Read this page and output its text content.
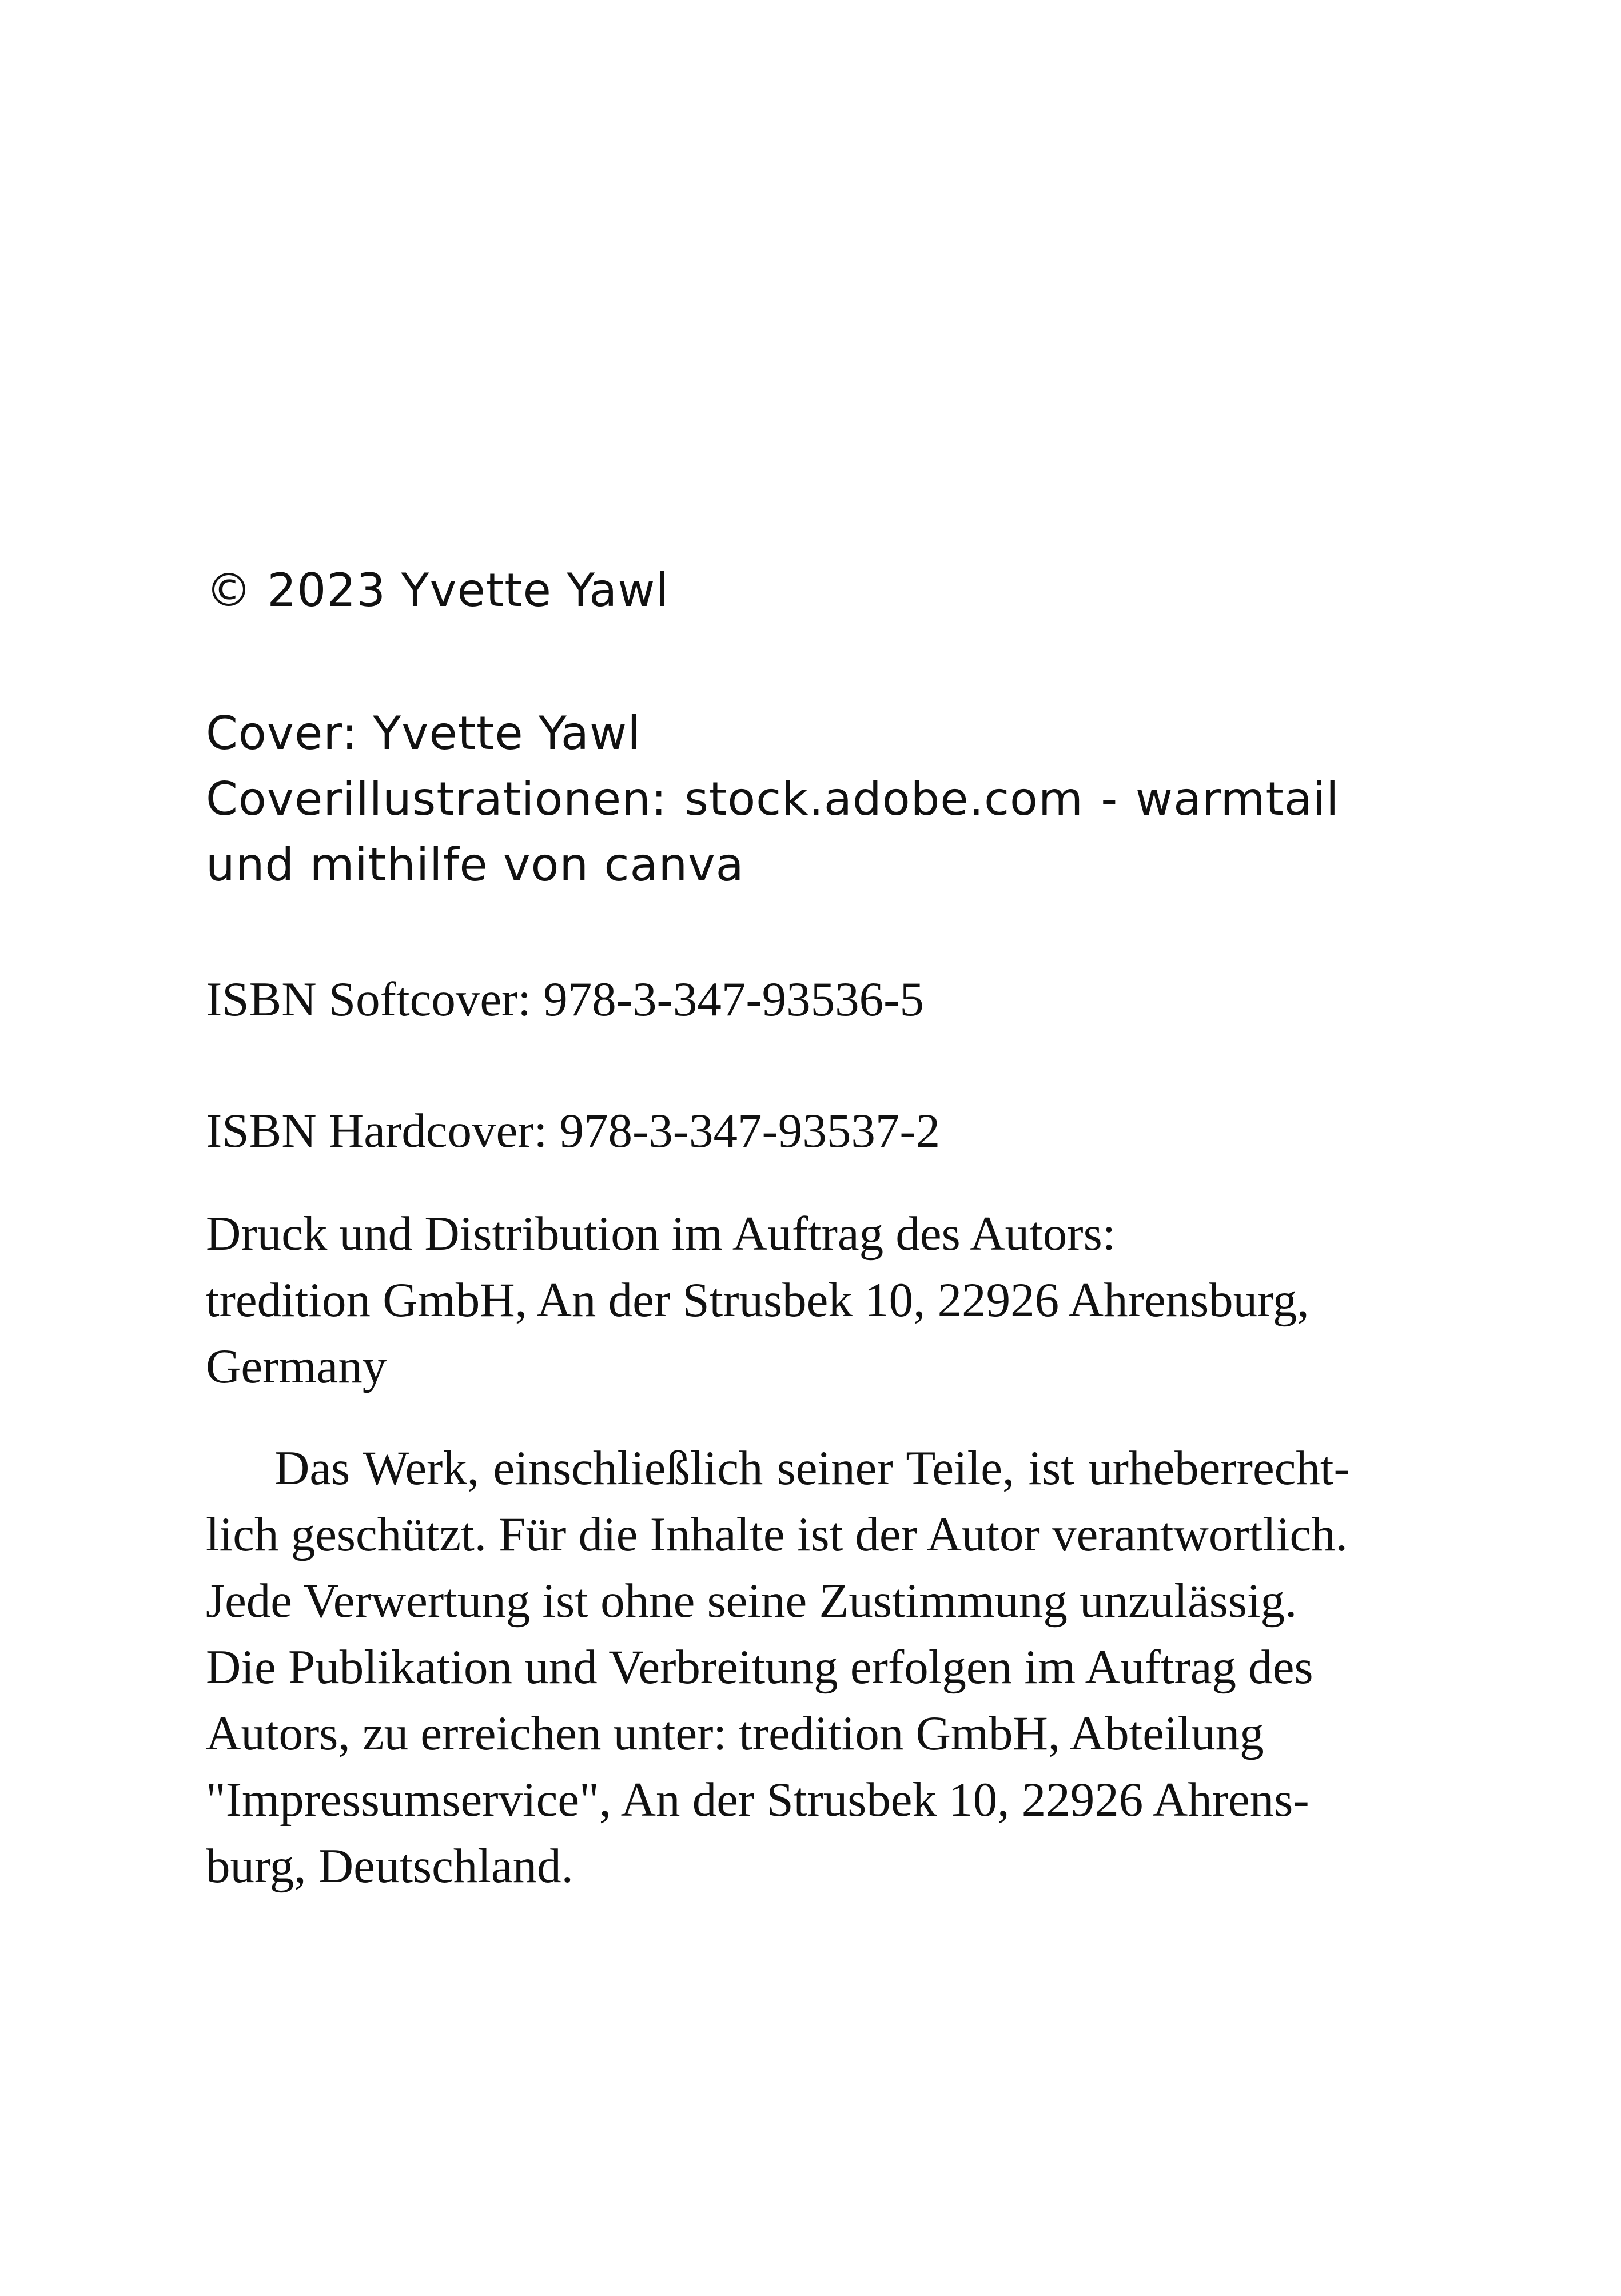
© 2023 Yvette Yawl
Cover: Yvette Yawl
Coverillustrationen: stock.adobe.com - warmtail
und mithilfe von canva
ISBN Softcover: 978-3-347-93536-5
ISBN Hardcover: 978-3-347-93537-2
Druck und Distribution im Auftrag des Autors:
tredition GmbH, An der Strusbek 10, 22926 Ahrensburg,
Germany
Das Werk, einschließlich seiner Teile, ist urheberrecht-
lich geschützt. Für die Inhalte ist der Autor verantwortlich.
Jede Verwertung ist ohne seine Zustimmung unzulässig.
Die Publikation und Verbreitung erfolgen im Auftrag des
Autors, zu erreichen unter: tredition GmbH, Abteilung
"Impressumservice", An der Strusbek 10, 22926 Ahrens-
burg, Deutschland.
